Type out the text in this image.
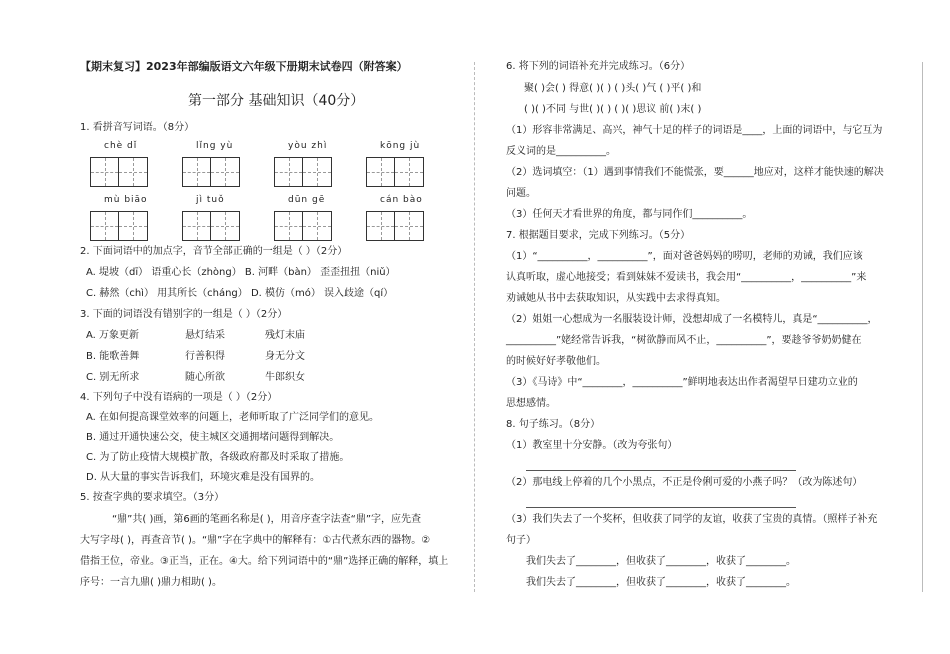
【期末复习】2023年部编版语文六年级下册期末试卷四（附答案）
第一部分 基础知识（40分）
1. 看拼音写词语。（8分）
chè dǐ	lǐng yù	yòu zhì	kōng jù
mù biāo	jì tuǒ	dūn gē	cán bào
2. 下面词语中的加点字，音节全部正确的一组是（ ）（2分）
A. 堤坡（dī） 语重心长（zhòng） B. 河畔（bàn） 歪歪扭扭（niǔ）
C. 赫然（chì） 用其所长（cháng） D. 模仿（mó） 误入歧途（qí）
3. 下面的词语没有错别字的一组是（ ）（2分）
A. 万象更新	悬灯结采	残灯末庙
B. 能歌善舞	行善积得	身无分文
C. 别无所求	随心所欲	牛郎织女
4. 下列句子中没有语病的一项是（ ）（2分）
A. 在如何提高课堂效率的问题上，老师听取了广泛同学们的意见。
B. 通过开通快速公交，使主城区交通拥堵问题得到解决。
C. 为了防止疫情大规模扩散，各级政府都及时采取了措施。
D. 从大量的事实告诉我们，环境灾难是没有国界的。
5. 按查字典的要求填空。（3分）
“鼎”共( )画，第6画的笔画名称是( )，用音序查字法查“鼎”字，应先查
大写字母( )，再查音节( )。“鼎”字在字典中的解释有：①古代煮东西的器物。②
借指王位，帝业。③正当，正在。④大。给下列词语中的“鼎”选择正确的解释，填上
序号：一言九鼎( )鼎力相助( )。
6. 将下列的词语补充并完成练习。（6分）
聚( )会( ) 得意( )( ) ( )头( )气 ( )平( )和
( )( )不同 与世( )( ) ( )( )思议 前( )末( )
（1）形容非常满足、高兴，神气十足的样子的词语是____，上面的词语中，与它互为
反义词的是__________。
（2）选词填空：（1）遇到事情我们不能慌张，要______地应对，这样才能快速的解决
问题。
（3）任何天才看世界的角度，都与同作们__________。
7. 根据题目要求，完成下列练习。（5分）
（1）“__________，__________”，面对爸爸妈妈的唠叨，老师的劝诫，我们应该
认真听取，虚心地接受；看到妹妹不爱读书，我会用“__________，__________”来
劝诫她从书中去获取知识，从实践中去求得真知。
（2）姐姐一心想成为一名服装设计师，没想却成了一名模特儿，真是“__________，
__________”姥经常告诉我，“树欲静而风不止，__________”，要趁爷爷奶奶健在
的时候好好孝敬他们。
（3）《马诗》中“________，__________”鲜明地表达出作者渴望早日建功立业的
思想感情。
8. 句子练习。（8分）
（1）教室里十分安静。（改为夸张句）
（2）那电线上停着的几个小黑点，不正是伶俐可爱的小燕子吗？（改为陈述句）
（3）我们失去了一个奖杯，但收获了同学的友谊，收获了宝贵的真情。（照样子补充
句子）
我们失去了________，但收获了________，收获了________。
我们失去了________，但收获了________，收获了________。
